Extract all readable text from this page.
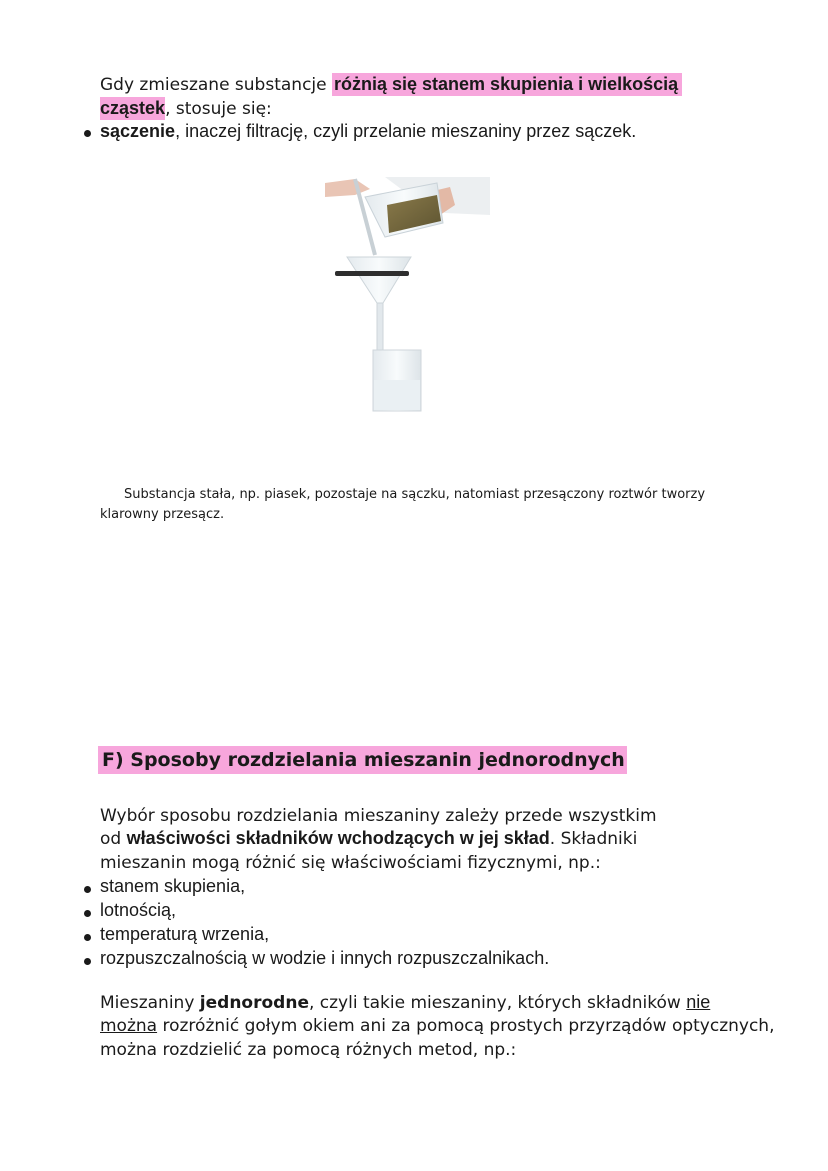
Gdy zmieszane substancje różnią się stanem skupienia i wielkością
cząstek, stosuje się:
sączenie, inaczej filtrację, czyli przelanie mieszaniny przez sączek.
Substancja stała, np. piasek, pozostaje na sączku, natomiast przesączony roztwór tworzy
klarowny przesącz.
F) Sposoby rozdzielania mieszanin jednorodnych
Wybór sposobu rozdzielania mieszaniny zależy przede wszystkim
od właściwości składników wchodzących w jej skład. Składniki
mieszanin mogą różnić się właściwościami fizycznymi, np.:
stanem skupienia,
lotnością,
temperaturą wrzenia,
rozpuszczalnością w wodzie i innych rozpuszczalnikach.
Mieszaniny jednorodne, czyli takie mieszaniny, których składników nie
można rozróżnić gołym okiem ani za pomocą prostych przyrządów optycznych,
można rozdzielić za pomocą różnych metod, np.:
